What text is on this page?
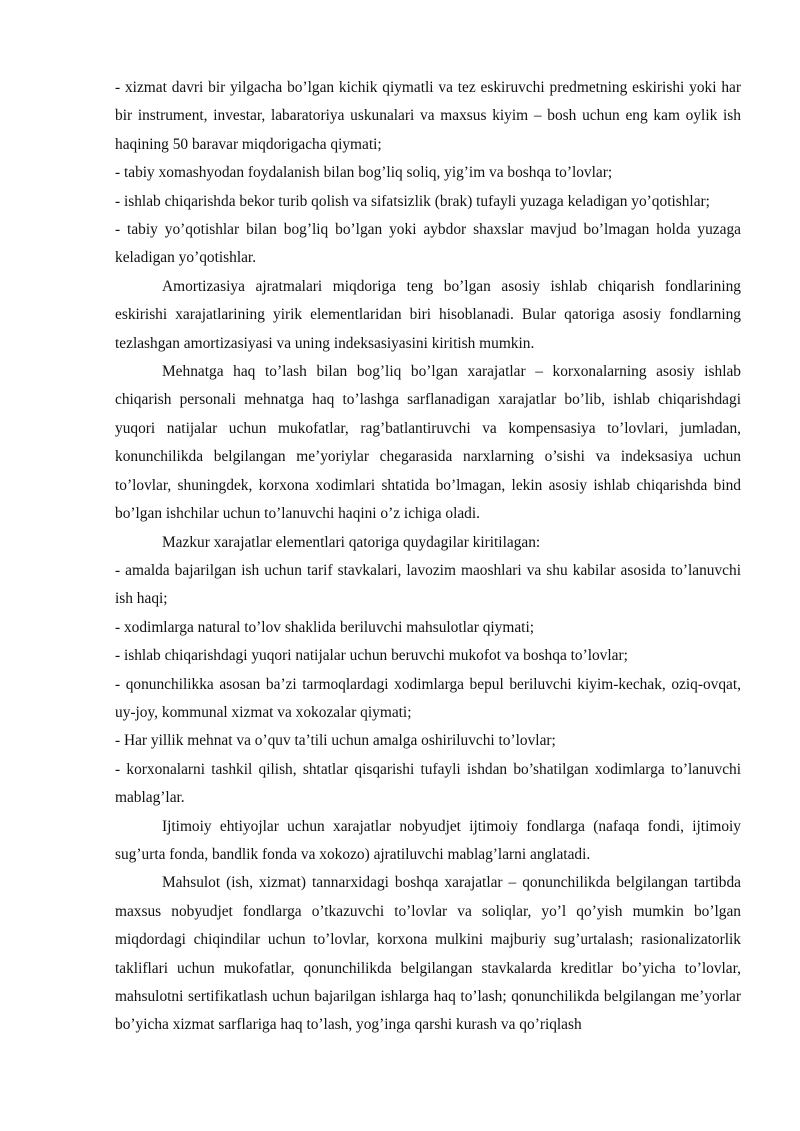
- xizmat davri bir yilgacha bo’lgan kichik qiymatli va tez eskiruvchi predmetning eskirishi yoki har bir instrument, investar, labaratoriya uskunalari va maxsus kiyim – bosh uchun eng kam oylik ish haqining 50 baravar miqdorigacha qiymati;

- tabiy xomashyodan foydalanish bilan bog’liq soliq, yig’im va boshqa to’lovlar;

- ishlab chiqarishda bekor turib qolish va sifatsizlik (brak) tufayli yuzaga keladigan yo’qotishlar;

- tabiy yo’qotishlar bilan bog’liq bo’lgan yoki aybdor shaxslar mavjud bo’lmagan holda yuzaga keladigan yo’qotishlar.

Amortizasiya ajratmalari miqdoriga teng bo’lgan asosiy ishlab chiqarish fondlarining eskirishi xarajatlarining yirik elementlaridan biri hisoblanadi. Bular qatoriga asosiy fondlarning tezlashgan amortizasiyasi va uning indeksasiyasini kiritish mumkin.

Mehnatga haq to’lash bilan bog’liq bo’lgan xarajatlar – korxonalarning asosiy ishlab chiqarish personali mehnatga haq to’lashga sarflanadigan xarajatlar bo’lib, ishlab chiqarishdagi yuqori natijalar uchun mukofatlar, rag’batlantiruvchi va kompensasiya to’lovlari, jumladan, konunchilikda belgilangan me’yoriylar chegarasida narxlarning o’sishi va indeksasiya uchun to’lovlar, shuningdek, korxona xodimlari shtatida bo’lmagan, lekin asosiy ishlab chiqarishda bind bo’lgan ishchilar uchun to’lanuvchi haqini o’z ichiga oladi.

Mazkur xarajatlar elementlari qatoriga quydagilar kiritilagan:

- amalda bajarilgan ish uchun tarif stavkalari, lavozim maoshlari va shu kabilar asosida to’lanuvchi ish haqi;

- xodimlarga natural to’lov shaklida beriluvchi mahsulotlar qiymati;

- ishlab chiqarishdagi yuqori natijalar uchun beruvchi mukofot va boshqa to’lovlar;

- qonunchilikka asosan ba’zi tarmoqlardagi xodimlarga bepul beriluvchi kiyim-kechak, oziq-ovqat, uy-joy, kommunal xizmat va xokozalar qiymati;

- Har yillik mehnat va o’quv ta’tili uchun amalga oshiriluvchi to’lovlar;

- korxonalarni tashkil qilish, shtatlar qisqarishi tufayli ishdan bo’shatilgan xodimlarga to’lanuvchi mablag’lar.

Ijtimoiy ehtiyojlar uchun xarajatlar nobyudjet ijtimoiy fondlarga (nafaqa fondi, ijtimoiy sug’urta fonda, bandlik fonda va xokozo) ajratiluvchi mablag’larni anglatadi.

Mahsulot (ish, xizmat) tannarxidagi boshqa xarajatlar – qonunchilikda belgilangan tartibda maxsus nobyudjet fondlarga o’tkazuvchi to’lovlar va soliqlar, yo’l qo’yish mumkin bo’lgan miqdordagi chiqindilar uchun to’lovlar, korxona mulkini majburiy sug’urtalash; rasionalizatorlik takliflari uchun mukofatlar, qonunchilikda belgilangan stavkalarda kreditlar bo’yicha to’lovlar, mahsulotni sertifikatlash uchun bajarilgan ishlarga haq to’lash; qonunchilikda belgilangan me’yorlar bo’yicha xizmat sarflariga haq to’lash, yog’inga qarshi kurash va qo’riqlash
